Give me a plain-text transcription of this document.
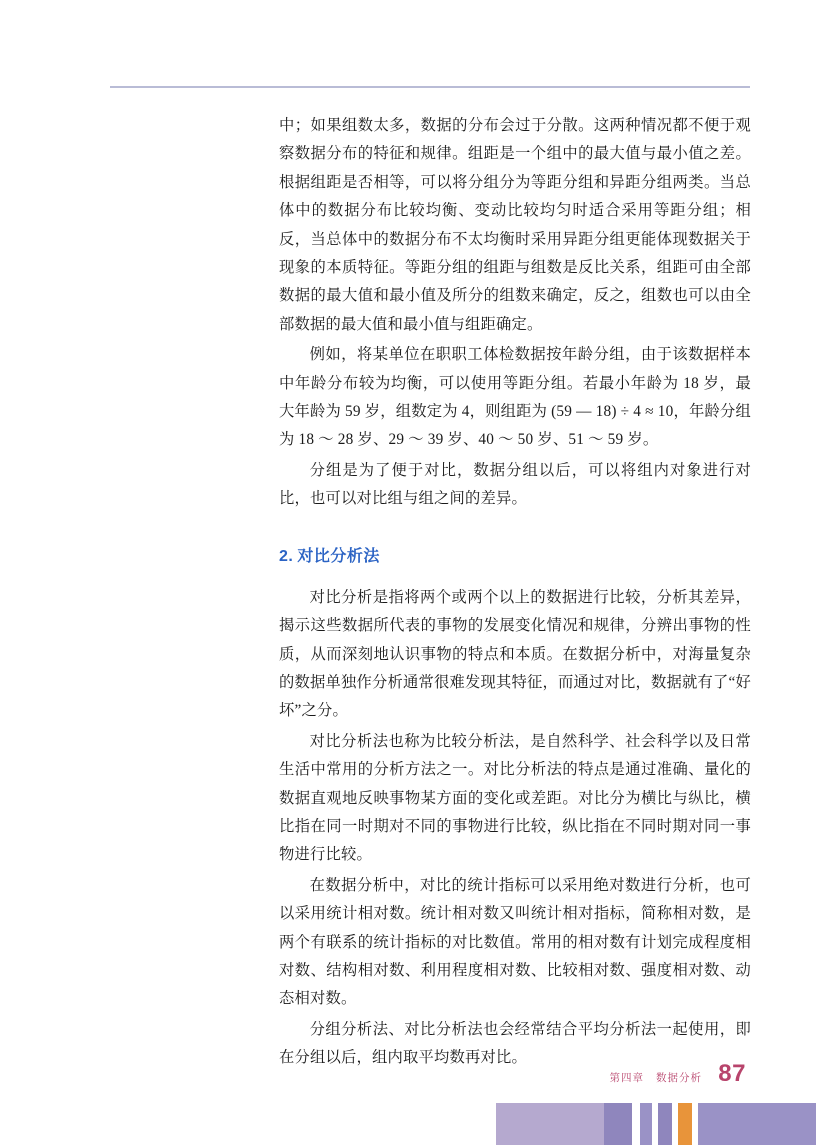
中；如果组数太多，数据的分布会过于分散。这两种情况都不便于观察数据分布的特征和规律。组距是一个组中的最大值与最小值之差。根据组距是否相等，可以将分组分为等距分组和异距分组两类。当总体中的数据分布比较均衡、变动比较均匀时适合采用等距分组；相反，当总体中的数据分布不太均衡时采用异距分组更能体现数据关于现象的本质特征。等距分组的组距与组数是反比关系，组距可由全部数据的最大值和最小值及所分的组数来确定，反之，组数也可以由全部数据的最大值和最小值与组距确定。

例如，将某单位在职职工体检数据按年龄分组，由于该数据样本中年龄分布较为均衡，可以使用等距分组。若最小年龄为 18 岁，最大年龄为 59 岁，组数定为 4，则组距为 (59 — 18) ÷ 4 ≈ 10，年龄分组为 18 ～ 28 岁、29 ～ 39 岁、40 ～ 50 岁、51 ～ 59 岁。

分组是为了便于对比，数据分组以后，可以将组内对象进行对比，也可以对比组与组之间的差异。

2. 对比分析法

对比分析是指将两个或两个以上的数据进行比较，分析其差异，揭示这些数据所代表的事物的发展变化情况和规律，分辨出事物的性质，从而深刻地认识事物的特点和本质。在数据分析中，对海量复杂的数据单独作分析通常很难发现其特征，而通过对比，数据就有了“好坏”之分。

对比分析法也称为比较分析法，是自然科学、社会科学以及日常生活中常用的分析方法之一。对比分析法的特点是通过准确、量化的数据直观地反映事物某方面的变化或差距。对比分为横比与纵比，横比指在同一时期对不同的事物进行比较，纵比指在不同时期对同一事物进行比较。

在数据分析中，对比的统计指标可以采用绝对数进行分析，也可以采用统计相对数。统计相对数又叫统计相对指标，简称相对数，是两个有联系的统计指标的对比数值。常用的相对数有计划完成程度相对数、结构相对数、利用程度相对数、比较相对数、强度相对数、动态相对数。

分组分析法、对比分析法也会经常结合平均分析法一起使用，即在分组以后，组内取平均数再对比。

第四章 数据分析 87
